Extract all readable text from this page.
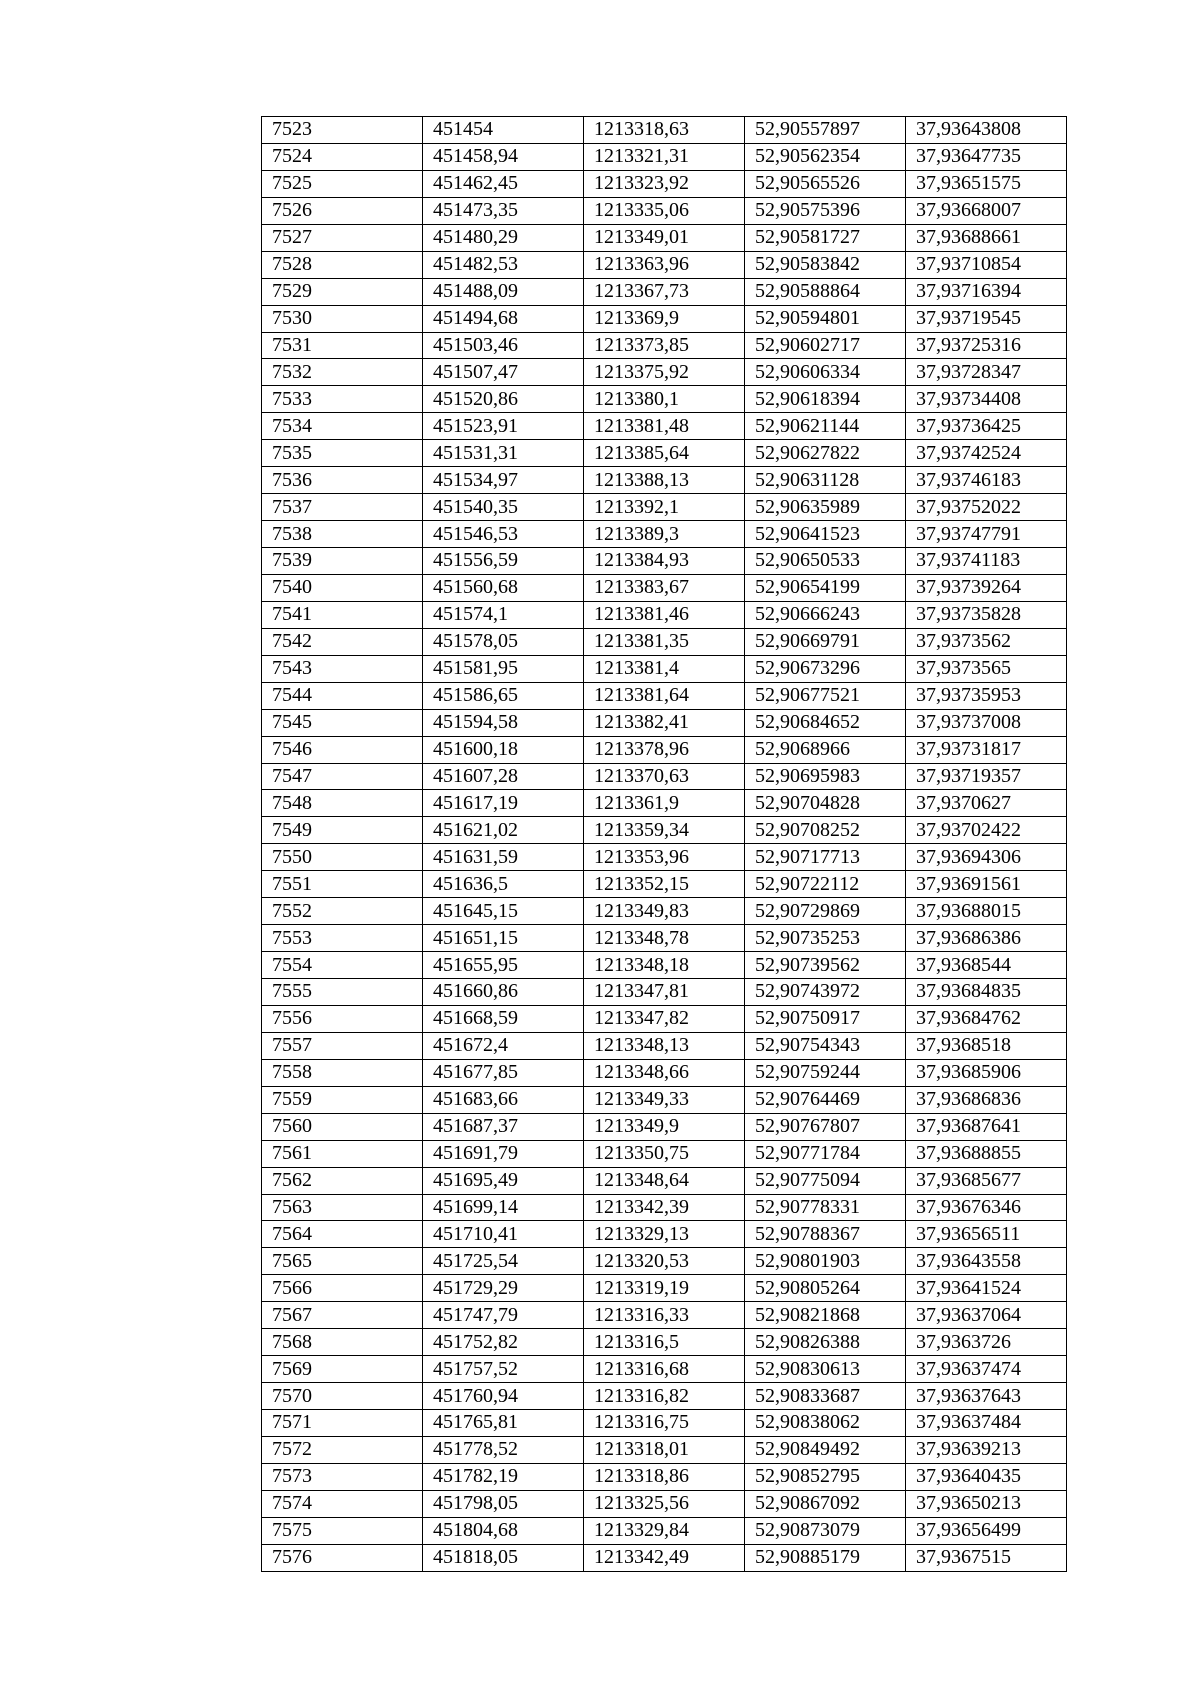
7523	451454	1213318,63	52,90557897	37,93643808
7524	451458,94	1213321,31	52,90562354	37,93647735
7525	451462,45	1213323,92	52,90565526	37,93651575
7526	451473,35	1213335,06	52,90575396	37,93668007
7527	451480,29	1213349,01	52,90581727	37,93688661
7528	451482,53	1213363,96	52,90583842	37,93710854
7529	451488,09	1213367,73	52,90588864	37,93716394
7530	451494,68	1213369,9	52,90594801	37,93719545
7531	451503,46	1213373,85	52,90602717	37,93725316
7532	451507,47	1213375,92	52,90606334	37,93728347
7533	451520,86	1213380,1	52,90618394	37,93734408
7534	451523,91	1213381,48	52,90621144	37,93736425
7535	451531,31	1213385,64	52,90627822	37,93742524
7536	451534,97	1213388,13	52,90631128	37,93746183
7537	451540,35	1213392,1	52,90635989	37,93752022
7538	451546,53	1213389,3	52,90641523	37,93747791
7539	451556,59	1213384,93	52,90650533	37,93741183
7540	451560,68	1213383,67	52,90654199	37,93739264
7541	451574,1	1213381,46	52,90666243	37,93735828
7542	451578,05	1213381,35	52,90669791	37,9373562
7543	451581,95	1213381,4	52,90673296	37,9373565
7544	451586,65	1213381,64	52,90677521	37,93735953
7545	451594,58	1213382,41	52,90684652	37,93737008
7546	451600,18	1213378,96	52,9068966	37,93731817
7547	451607,28	1213370,63	52,90695983	37,93719357
7548	451617,19	1213361,9	52,90704828	37,9370627
7549	451621,02	1213359,34	52,90708252	37,93702422
7550	451631,59	1213353,96	52,90717713	37,93694306
7551	451636,5	1213352,15	52,90722112	37,93691561
7552	451645,15	1213349,83	52,90729869	37,93688015
7553	451651,15	1213348,78	52,90735253	37,93686386
7554	451655,95	1213348,18	52,90739562	37,9368544
7555	451660,86	1213347,81	52,90743972	37,93684835
7556	451668,59	1213347,82	52,90750917	37,93684762
7557	451672,4	1213348,13	52,90754343	37,9368518
7558	451677,85	1213348,66	52,90759244	37,93685906
7559	451683,66	1213349,33	52,90764469	37,93686836
7560	451687,37	1213349,9	52,90767807	37,93687641
7561	451691,79	1213350,75	52,90771784	37,93688855
7562	451695,49	1213348,64	52,90775094	37,93685677
7563	451699,14	1213342,39	52,90778331	37,93676346
7564	451710,41	1213329,13	52,90788367	37,93656511
7565	451725,54	1213320,53	52,90801903	37,93643558
7566	451729,29	1213319,19	52,90805264	37,93641524
7567	451747,79	1213316,33	52,90821868	37,93637064
7568	451752,82	1213316,5	52,90826388	37,9363726
7569	451757,52	1213316,68	52,90830613	37,93637474
7570	451760,94	1213316,82	52,90833687	37,93637643
7571	451765,81	1213316,75	52,90838062	37,93637484
7572	451778,52	1213318,01	52,90849492	37,93639213
7573	451782,19	1213318,86	52,90852795	37,93640435
7574	451798,05	1213325,56	52,90867092	37,93650213
7575	451804,68	1213329,84	52,90873079	37,93656499
7576	451818,05	1213342,49	52,90885179	37,9367515
